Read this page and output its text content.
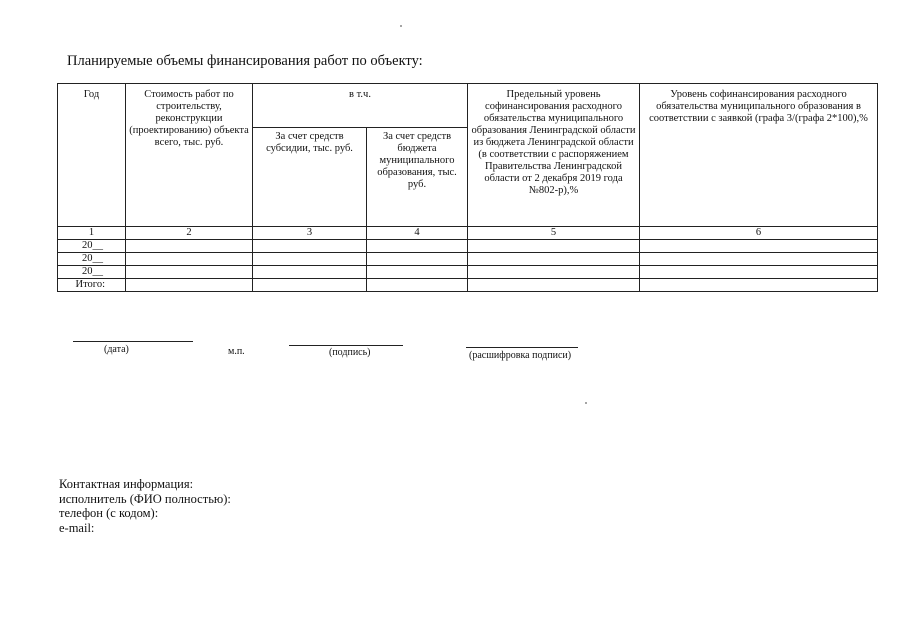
Планируемые объемы финансирования работ по объекту:
Год	Стоимость работ по строительству, реконструкции (проектированию) объекта всего, тыс. руб.	в т.ч.		Предельный уровень софинансирования расходного обязательства муниципального образования Ленинградской области из бюджета Ленинградской области (в соответствии с распоряжением Правительства Ленинградской области от 2 декабря 2019 года №802-р),%	Уровень софинансирования расходного обязательства муниципального образования в соответствии с заявкой (графа 3/(графа 2*100),%
		За счет средств субсидии, тыс. руб.	За счет средств бюджета муниципального образования, тыс. руб.		
1	2	3	4	5	6
20__					
20__					
20__					
Итого:					
(дата)	м.п.	(подпись)	(расшифровка подписи)
Контактная информация:
исполнитель (ФИО полностью):
телефон (с кодом):
e-mail:
